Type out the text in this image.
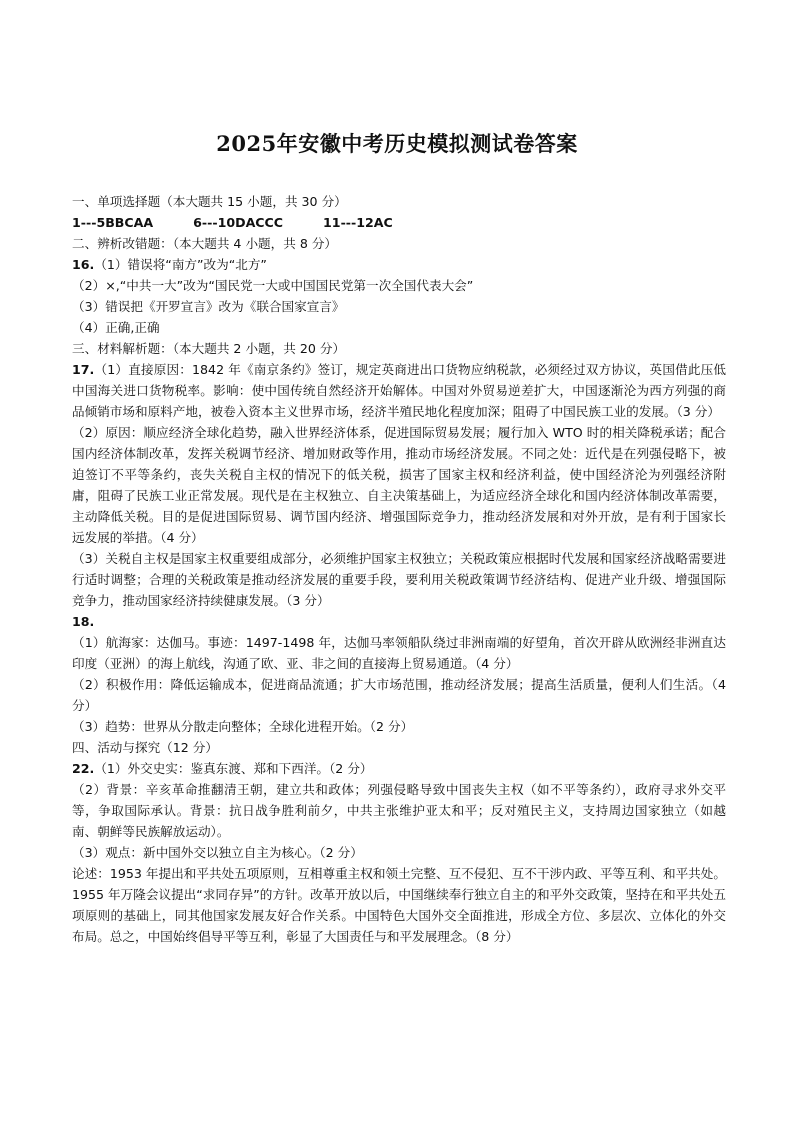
2025年安徽中考历史模拟测试卷答案
一、单项选择题（本大题共 15 小题，共 30 分）
1---5BBCAA	6---10DACCC	11---12AC
二、辨析改错题：（本大题共 4 小题，共 8 分）
16.（1）错误将“南方”改为“北方”
（2）×,“中共一大”改为“国民党一大或中国国民党第一次全国代表大会”
（3）错误把《开罗宣言》改为《联合国家宣言》
（4）正确,正确
三、材料解析题：（本大题共 2 小题，共 20 分）
17.（1）直接原因：1842 年《南京条约》签订，规定英商进出口货物应纳税款，必须经过双方协议，英国借此压低中国海关进口货物税率。影响：使中国传统自然经济开始解体。中国对外贸易逆差扩大，中国逐渐沦为西方列强的商品倾销市场和原料产地，被卷入资本主义世界市场，经济半殖民地化程度加深；阻碍了中国民族工业的发展。（3 分）
（2）原因：顺应经济全球化趋势，融入世界经济体系，促进国际贸易发展；履行加入 WTO 时的相关降税承诺；配合国内经济体制改革，发挥关税调节经济、增加财政等作用，推动市场经济发展。不同之处：近代是在列强侵略下，被迫签订不平等条约，丧失关税自主权的情况下的低关税，损害了国家主权和经济利益，使中国经济沦为列强经济附庸，阻碍了民族工业正常发展。现代是在主权独立、自主决策基础上，为适应经济全球化和国内经济体制改革需要，主动降低关税。目的是促进国际贸易、调节国内经济、增强国际竞争力，推动经济发展和对外开放，是有利于国家长远发展的举措。（4 分）
（3）关税自主权是国家主权重要组成部分，必须维护国家主权独立；关税政策应根据时代发展和国家经济战略需要进行适时调整；合理的关税政策是推动经济发展的重要手段，要利用关税政策调节经济结构、促进产业升级、增强国际竞争力，推动国家经济持续健康发展。（3 分）
18.
（1）航海家：达伽马。事迹：1497-1498 年，达伽马率领船队绕过非洲南端的好望角，首次开辟从欧洲经非洲直达印度（亚洲）的海上航线，沟通了欧、亚、非之间的直接海上贸易通道。（4 分）
（2）积极作用：降低运输成本，促进商品流通；扩大市场范围，推动经济发展；提高生活质量，便利人们生活。（4 分）
（3）趋势：世界从分散走向整体；全球化进程开始。（2 分）
四、活动与探究（12 分）
22.（1）外交史实：鉴真东渡、郑和下西洋。（2 分）
（2）背景：辛亥革命推翻清王朝，建立共和政体；列强侵略导致中国丧失主权（如不平等条约），政府寻求外交平等，争取国际承认。背景：抗日战争胜利前夕，中共主张维护亚太和平；反对殖民主义，支持周边国家独立（如越南、朝鲜等民族解放运动）。
（3）观点：新中国外交以独立自主为核心。（2 分）
论述：1953 年提出和平共处五项原则，互相尊重主权和领土完整、互不侵犯、互不干涉内政、平等互利、和平共处。1955 年万隆会议提出“求同存异”的方针。改革开放以后，中国继续奉行独立自主的和平外交政策，坚持在和平共处五项原则的基础上，同其他国家发展友好合作关系。中国特色大国外交全面推进，形成全方位、多层次、立体化的外交布局。总之，中国始终倡导平等互利，彰显了大国责任与和平发展理念。（8 分）
